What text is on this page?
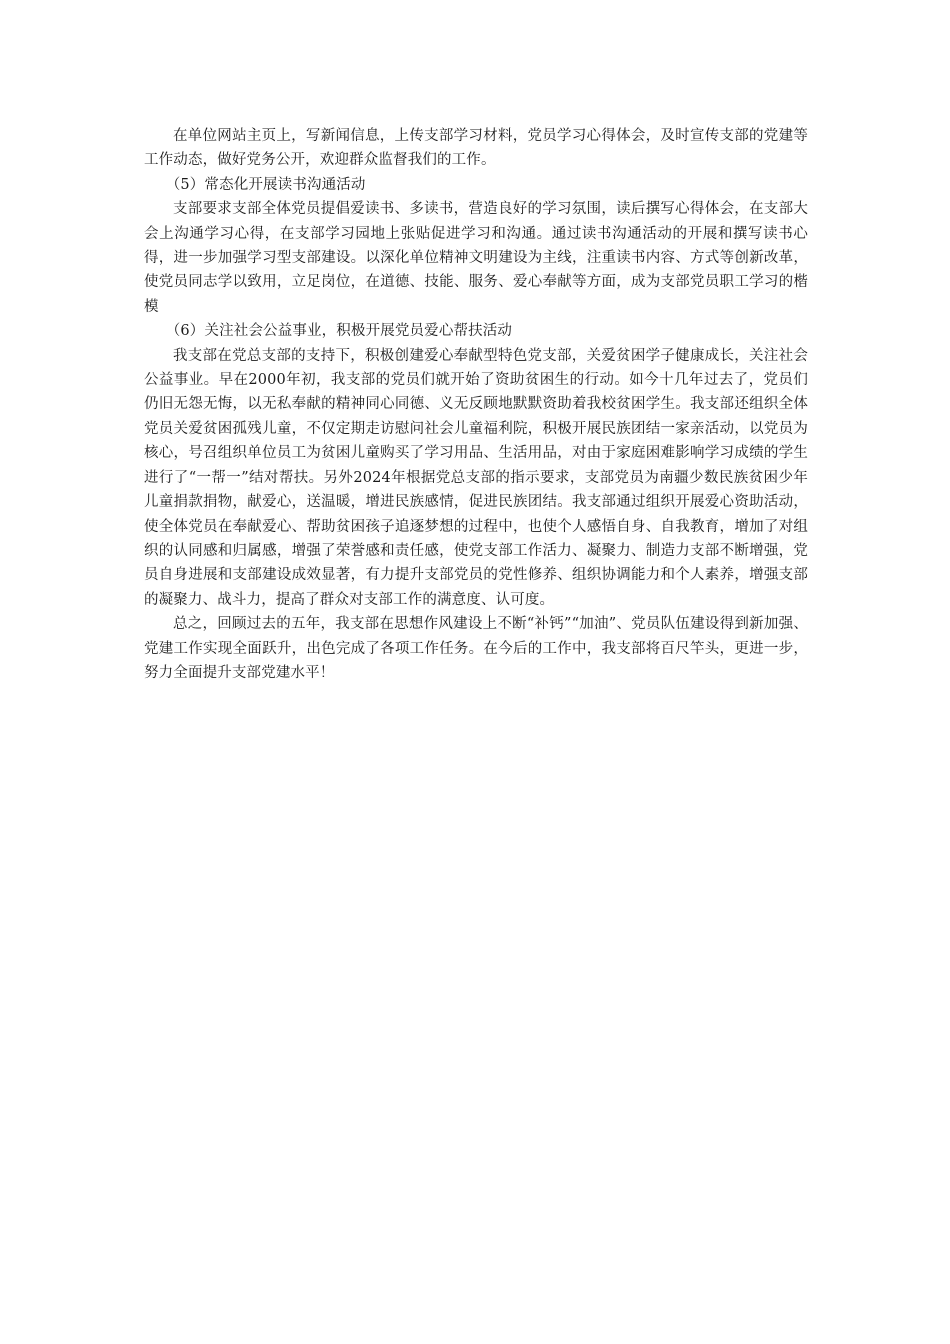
在单位网站主页上，写新闻信息，上传支部学习材料，党员学习心得体会，及时宣传支部的党建等工作动态，做好党务公开，欢迎群众监督我们的工作。

（5）常态化开展读书沟通活动

支部要求支部全体党员提倡爱读书、多读书，营造良好的学习氛围，读后撰写心得体会，在支部大会上沟通学习心得，在支部学习园地上张贴促进学习和沟通。通过读书沟通活动的开展和撰写读书心得，进一步加强学习型支部建设。以深化单位精神文明建设为主线，注重读书内容、方式等创新改革，使党员同志学以致用，立足岗位，在道德、技能、服务、爱心奉献等方面，成为支部党员职工学习的楷模

（6）关注社会公益事业，积极开展党员爱心帮扶活动

我支部在党总支部的支持下，积极创建爱心奉献型特色党支部，关爱贫困学子健康成长，关注社会公益事业。早在2000年初，我支部的党员们就开始了资助贫困生的行动。如今十几年过去了，党员们仍旧无怨无悔，以无私奉献的精神同心同德、义无反顾地默默资助着我校贫困学生。我支部还组织全体党员关爱贫困孤残儿童，不仅定期走访慰问社会儿童福利院，积极开展民族团结一家亲活动，以党员为核心，号召组织单位员工为贫困儿童购买了学习用品、生活用品，对由于家庭困难影响学习成绩的学生进行了“一帮一”结对帮扶。另外2024年根据党总支部的指示要求，支部党员为南疆少数民族贫困少年儿童捐款捐物，献爱心，送温暖，增进民族感情，促进民族团结。我支部通过组织开展爱心资助活动，使全体党员在奉献爱心、帮助贫困孩子追逐梦想的过程中，也使个人感悟自身、自我教育，增加了对组织的认同感和归属感，增强了荣誉感和责任感，使党支部工作活力、凝聚力、制造力支部不断增强，党员自身进展和支部建设成效显著，有力提升支部党员的党性修养、组织协调能力和个人素养，增强支部的凝聚力、战斗力，提高了群众对支部工作的满意度、认可度。

总之，回顾过去的五年，我支部在思想作风建设上不断“补钙”“加油”、党员队伍建设得到新加强、党建工作实现全面跃升，出色完成了各项工作任务。在今后的工作中，我支部将百尺竿头，更进一步，努力全面提升支部党建水平！
